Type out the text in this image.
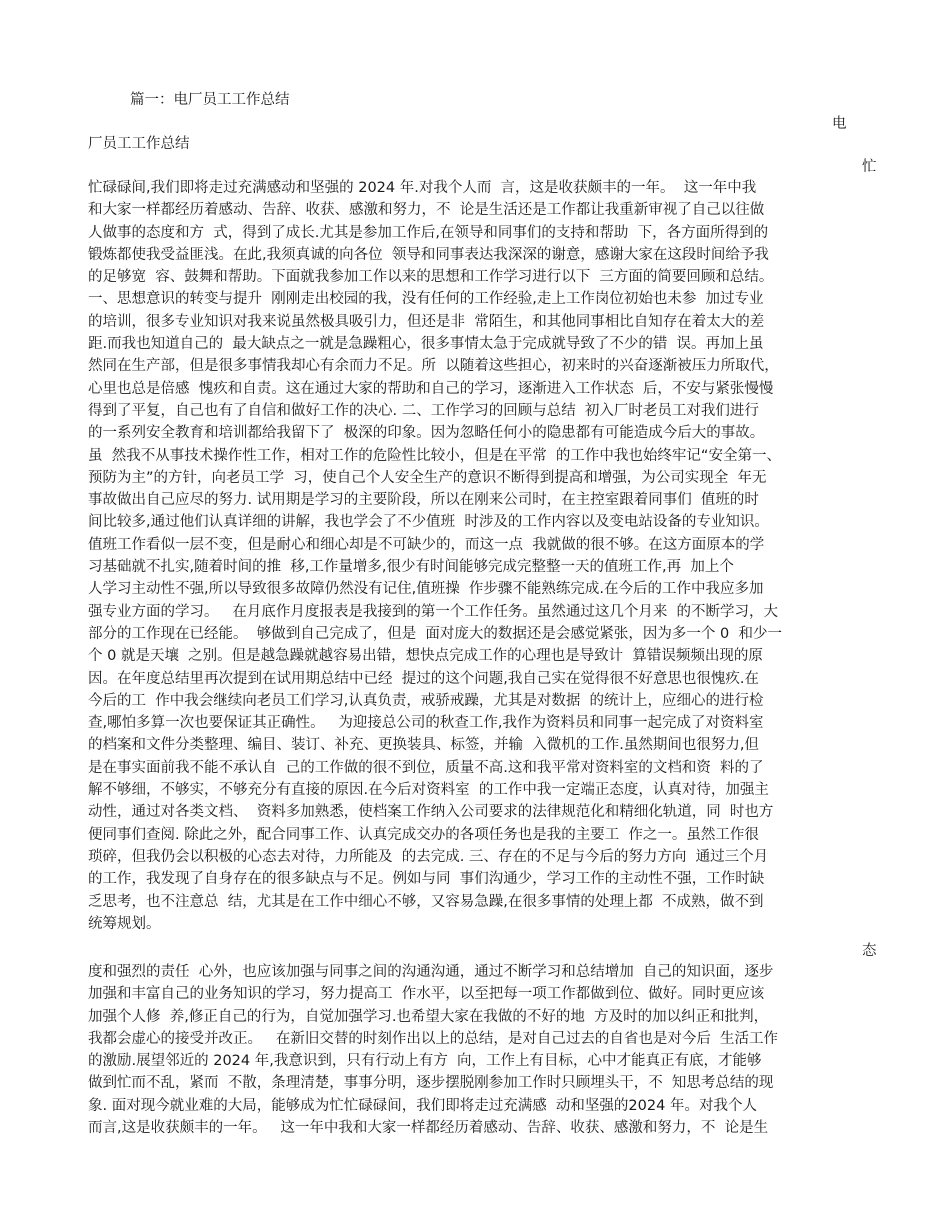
篇一：电厂员工工作总结
电
厂员工工作总结
忙
忙碌碌间,我们即将走过充满感动和坚强的 2024 年.对我个人而  言，这是收获颇丰的一年。  这一年中我
和大家一样都经历着感动、告辞、收获、感激和努力，不  论是生活还是工作都让我重新审视了自己以往做
人做事的态度和方  式，得到了成长.尤其是参加工作后,在领导和同事们的支持和帮助  下，各方面所得到的
锻炼都使我受益匪浅。在此,我须真诚的向各位  领导和同事表达我深深的谢意，感谢大家在这段时间给予我
的足够宽  容、鼓舞和帮助。下面就我参加工作以来的思想和工作学习进行以下  三方面的简要回顾和总结。
一、思想意识的转变与提升  刚刚走出校园的我，没有任何的工作经验,走上工作岗位初始也未参  加过专业
的培训，很多专业知识对我来说虽然极具吸引力，但还是非  常陌生，和其他同事相比自知存在着太大的差
距.而我也知道自己的  最大缺点之一就是急躁粗心，很多事情太急于完成就导致了不少的错  误。再加上虽
然同在生产部，但是很多事情我却心有余而力不足。所  以随着这些担心，初来时的兴奋逐渐被压力所取代，
心里也总是倍感  愧疚和自责。这在通过大家的帮助和自己的学习，逐渐进入工作状态  后，不安与紧张慢慢
得到了平复，自己也有了自信和做好工作的决心. 二、工作学习的回顾与总结  初入厂时老员工对我们进行
的一系列安全教育和培训都给我留下了  极深的印象。因为忽略任何小的隐患都有可能造成今后大的事故。
虽  然我不从事技术操作性工作，相对工作的危险性比较小，但是在平常  的工作中我也始终牢记“安全第一、
预防为主”的方针，向老员工学  习，使自己个人安全生产的意识不断得到提高和增强，为公司实现全  年无
事故做出自己应尽的努力. 试用期是学习的主要阶段，所以在刚来公司时，在主控室跟着同事们  值班的时
间比较多,通过他们认真详细的讲解，我也学会了不少值班  时涉及的工作内容以及变电站设备的专业知识。
值班工作看似一层不变，但是耐心和细心却是不可缺少的，而这一点  我就做的很不够。在这方面原本的学
习基础就不扎实,随着时间的推  移,工作量增多,很少有时间能够完成完整整一天的值班工作,再  加上个
人学习主动性不强,所以导致很多故障仍然没有记住,值班操  作步骤不能熟练完成.在今后的工作中我应多加
强专业方面的学习。   在月底作月度报表是我接到的第一个工作任务。虽然通过这几个月来  的不断学习，大
部分的工作现在已经能。  够做到自己完成了，但是  面对庞大的数据还是会感觉紧张，因为多一个 0  和少一
个 0 就是天壤  之别。但是越急躁就越容易出错，想快点完成工作的心理也是导致计  算错误频频出现的原
因。在年度总结里再次提到在试用期总结中已经  提过的这个问题,我自己实在觉得很不好意思也很愧疚.在
今后的工  作中我会继续向老员工们学习,认真负责，戒骄戒躁，尤其是对数据  的统计上，应细心的进行检
查,哪怕多算一次也要保证其正确性。   为迎接总公司的秋查工作,我作为资料员和同事一起完成了对资料室
的档案和文件分类整理、编目、装订、补充、更换装具、标签，并输  入微机的工作.虽然期间也很努力,但
是在事实面前我不能不承认自  己的工作做的很不到位，质量不高.这和我平常对资料室的文档和资  料的了
解不够细，不够实，不够充分有直接的原因.在今后对资料室  的工作中我一定端正态度，认真对待，加强主
动性，通过对各类文档、  资料多加熟悉，使档案工作纳入公司要求的法律规范化和精细化轨道，同  时也方
便同事们查阅. 除此之外，配合同事工作、认真完成交办的各项任务也是我的主要工  作之一。虽然工作很
琐碎，但我仍会以积极的心态去对待，力所能及  的去完成. 三、存在的不足与今后的努力方向  通过三个月
的工作，我发现了自身存在的很多缺点与不足。例如与同  事们沟通少，学习工作的主动性不强，工作时缺
乏思考，也不注意总  结，尤其是在工作中细心不够，又容易急躁,在很多事情的处理上都  不成熟，做不到
统筹规划。
态
度和强烈的责任  心外，也应该加强与同事之间的沟通沟通，通过不断学习和总结增加  自己的知识面，逐步
加强和丰富自己的业务知识的学习，努力提高工  作水平，以至把每一项工作都做到位、做好。同时更应该
加强个人修  养,修正自己的行为，自觉加强学习.也希望大家在我做的不好的地  方及时的加以纠正和批判，
我都会虚心的接受并改正。   在新旧交替的时刻作出以上的总结，是对自己过去的自省也是对今后  生活工作
的激励.展望邻近的 2024 年,我意识到，只有行动上有方  向，工作上有目标，心中才能真正有底，才能够
做到忙而不乱，紧而  不散，条理清楚，事事分明，逐步摆脱刚参加工作时只顾埋头干，不  知思考总结的现
象. 面对现今就业难的大局，能够成为忙忙碌碌间，我们即将走过充满感  动和坚强的2024 年。对我个人
而言,这是收获颇丰的一年。   这一年中我和大家一样都经历着感动、告辞、收获、感激和努力，不  论是生
